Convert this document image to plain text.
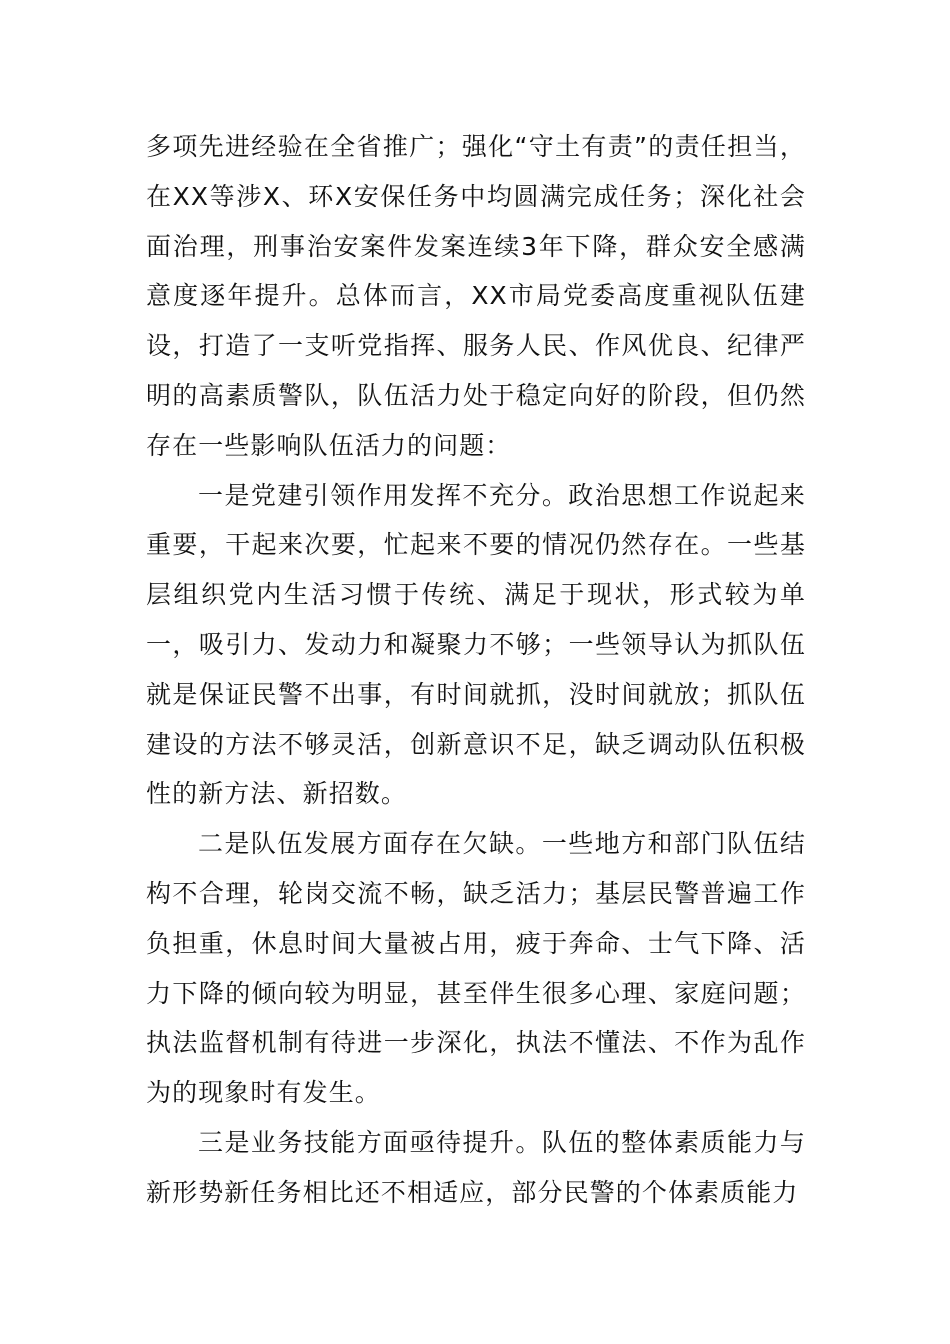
多项先进经验在全省推广；强化“守土有责”的责任担当，在XX等涉X、环X安保任务中均圆满完成任务；深化社会面治理，刑事治安案件发案连续3年下降，群众安全感满意度逐年提升。总体而言，XX市局党委高度重视队伍建设，打造了一支听党指挥、服务人民、作风优良、纪律严明的高素质警队，队伍活力处于稳定向好的阶段，但仍然存在一些影响队伍活力的问题：

一是党建引领作用发挥不充分。政治思想工作说起来重要，干起来次要，忙起来不要的情况仍然存在。一些基层组织党内生活习惯于传统、满足于现状，形式较为单一，吸引力、发动力和凝聚力不够；一些领导认为抓队伍就是保证民警不出事，有时间就抓，没时间就放；抓队伍建设的方法不够灵活，创新意识不足，缺乏调动队伍积极性的新方法、新招数。

二是队伍发展方面存在欠缺。一些地方和部门队伍结构不合理，轮岗交流不畅，缺乏活力；基层民警普遍工作负担重，休息时间大量被占用，疲于奔命、士气下降、活力下降的倾向较为明显，甚至伴生很多心理、家庭问题；执法监督机制有待进一步深化，执法不懂法、不作为乱作为的现象时有发生。

三是业务技能方面亟待提升。队伍的整体素质能力与新形势新任务相比还不相适应，部分民警的个体素质能力
